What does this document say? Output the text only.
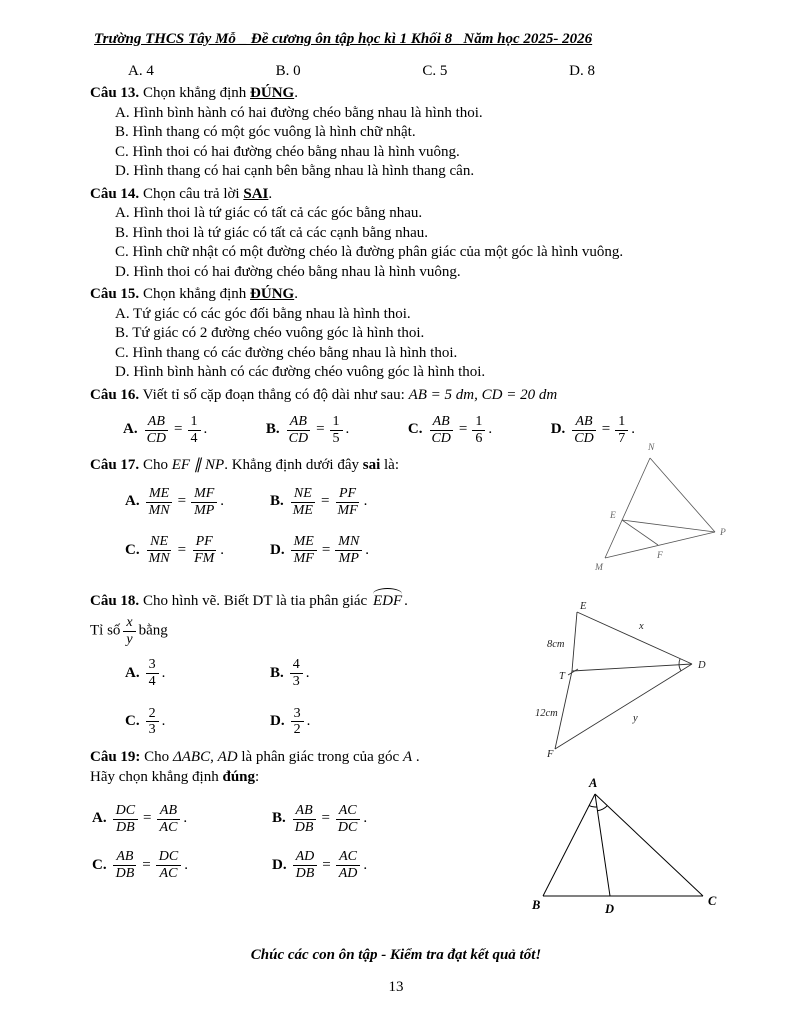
Trường THCS Tây Mỗ _ Đề cương ôn tập học kì 1 Khối 8_ Năm học 2025- 2026
A. 4	B. 0	C. 5	D. 8
Câu 13. Chọn khẳng định ĐÚNG.
A. Hình bình hành có hai đường chéo bằng nhau là hình thoi.
B. Hình thang có một góc vuông là hình chữ nhật.
C. Hình thoi có hai đường chéo bằng nhau là hình vuông.
D. Hình thang có hai cạnh bên bằng nhau là hình thang cân.
Câu 14. Chọn câu trả lời SAI.
A. Hình thoi là tứ giác có tất cả các góc bằng nhau.
B. Hình thoi là tứ giác có tất cả các cạnh bằng nhau.
C. Hình chữ nhật có một đường chéo là đường phân giác của một góc là hình vuông.
D. Hình thoi có hai đường chéo bằng nhau là hình vuông.
Câu 15. Chọn khẳng định ĐÚNG.
A. Tứ giác có các góc đối bằng nhau là hình thoi.
B. Tứ giác có 2 đường chéo vuông góc là hình thoi.
C. Hình thang có các đường chéo bằng nhau là hình thoi.
D. Hình bình hành có các đường chéo vuông góc là hình thoi.
Câu 16. Viết tỉ số cặp đoạn thẳng có độ dài như sau: AB = 5 dm, CD = 20 dm
A. $\frac{AB}{CD} = \frac{1}{4}$ .	B. $\frac{AB}{CD} = \frac{1}{5}$ .	C. $\frac{AB}{CD} = \frac{1}{6}$ .	D. $\frac{AB}{CD} = \frac{1}{7}$ .
Câu 17. Cho EF ∥ NP. Khẳng định dưới đây sai là:
A. $\frac{ME}{MN} = \frac{MF}{MP}$ .	B. $\frac{NE}{ME} = \frac{PF}{MF}$ .
C. $\frac{NE}{MN} = \frac{PF}{FM}$ .	D. $\frac{ME}{MF} = \frac{MN}{MP}$ .
N
E
P
M
F
Câu 18. Cho hình vẽ. Biết DT là tia phân giác EDF .
Tỉ số $\frac{x}{y}$ bằng
A. $\frac{3}{4}$ .	B. $\frac{4}{3}$ .
C. $\frac{2}{3}$ .	D. $\frac{3}{2}$ .
E
8cm
x
T
D
12cm	y
F
Câu 19: Cho ΔABC, AD là phân giác trong của góc A .
Hãy chọn khẳng định đúng:
A. $\frac{DC}{DB} = \frac{AB}{AC}$ .	B. $\frac{AB}{DB} = \frac{AC}{DC}$ .
C. $\frac{AB}{DB} = \frac{DC}{AC}$ .	D. $\frac{AD}{DB} = \frac{AC}{AD}$ .
A
B	D
C
Chúc các con ôn tập - Kiểm tra đạt kết quả tốt!
13
